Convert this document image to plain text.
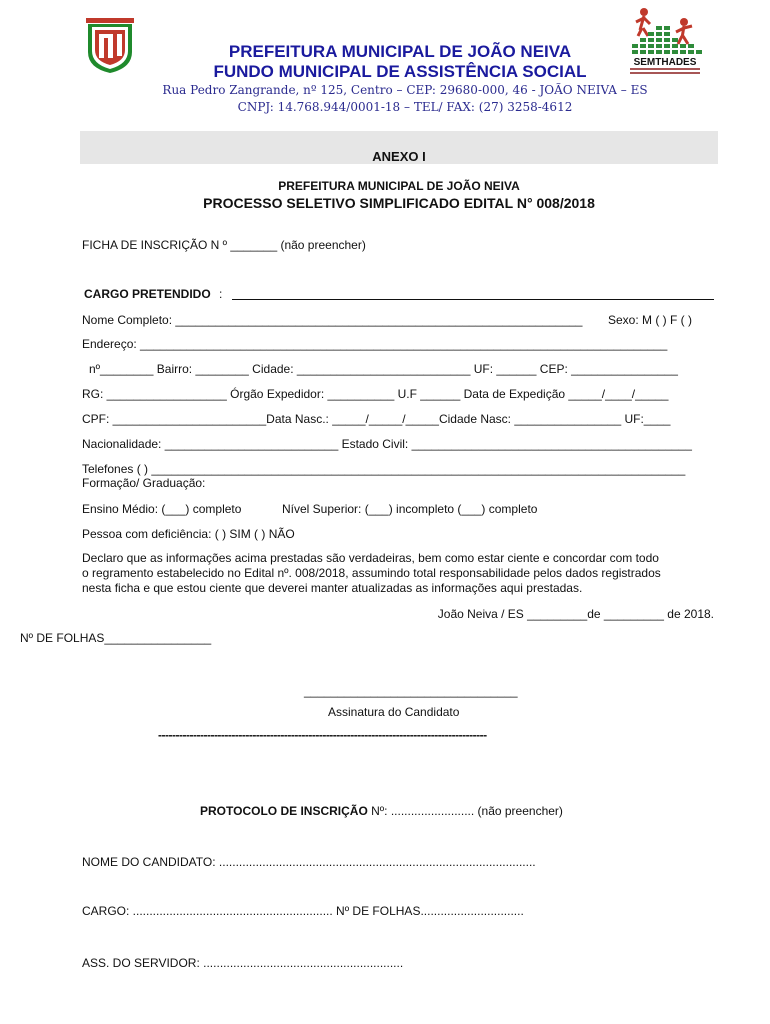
SEMTHADES
PREFEITURA MUNICIPAL DE JOÃO NEIVA
FUNDO MUNICIPAL DE ASSISTÊNCIA SOCIAL
Rua Pedro Zangrande, nº 125, Centro – CEP: 29680-000, 46 - JOÃO NEIVA – ES
CNPJ: 14.768.944/0001-18 – TEL/ FAX: (27) 3258-4612
ANEXO I
PREFEITURA MUNICIPAL DE JOÃO NEIVA
PROCESSO SELETIVO SIMPLIFICADO EDITAL N° 008/2018
FICHA DE INSCRIÇÃO N º _______ (não preencher)
CARGO PRETENDIDO :
Nome Completo: _____________________________________________________________ Sexo: M ( ) F ( )
Endereço: _______________________________________________________________________________
nº________ Bairro: ________ Cidade: __________________________ UF: ______ CEP: ________________
RG: __________________ Órgão Expedidor: __________ U.F ______ Data de Expedição _____/____/_____
CPF: _______________________Data Nasc.: _____/_____/_____Cidade Nasc: ________________ UF:____
Nacionalidade: __________________________ Estado Civil: __________________________________________
Telefones ( ) ________________________________________________________________________________
Formação/ Graduação:
Ensino Médio: (___) completo	Nível Superior: (___) incompleto (___) completo
Pessoa com deficiência: ( ) SIM ( ) NÃO
Declaro que as informações acima prestadas são verdadeiras, bem como estar ciente e concordar com todo
o regramento estabelecido no Edital nº. 008/2018, assumindo total responsabilidade pelos dados registrados
nesta ficha e que estou ciente que deverei manter atualizadas as informações aqui prestadas.
João Neiva / ES _________de _________ de 2018.
Nº DE FOLHAS________________
________________________________
Assinatura do Candidato
----------------------------------------------------------------------------------------------
PROTOCOLO DE INSCRIÇÃO Nº: ......................... (não preencher)
NOME DO CANDIDATO: ...............................................................................................
CARGO: ............................................................ Nº DE FOLHAS...............................
ASS. DO SERVIDOR: ............................................................
